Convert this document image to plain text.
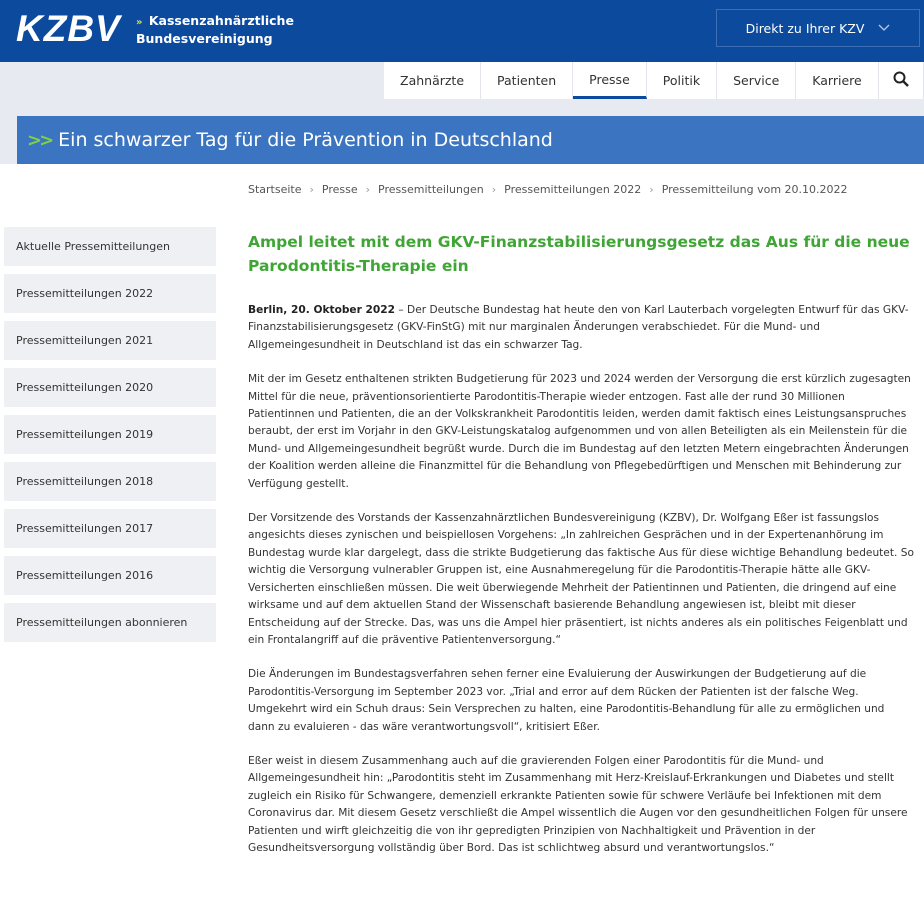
KZBV » Kassenzahnärztliche
Bundesvereinigung
Direkt zu Ihrer KZV
Zahnärzte	Patienten	Presse	Politik	Service	Karriere
>> Ein schwarzer Tag für die Prävention in Deutschland
Startseite › Presse › Pressemitteilungen › Pressemitteilungen 2022 › Pressemitteilung vom 20.10.2022
Aktuelle Pressemitteilungen
Pressemitteilungen 2022
Pressemitteilungen 2021
Pressemitteilungen 2020
Pressemitteilungen 2019
Pressemitteilungen 2018
Pressemitteilungen 2017
Pressemitteilungen 2016
Pressemitteilungen abonnieren
Ampel leitet mit dem GKV-Finanzstabilisierungsgesetz das Aus für die neue Parodontitis-Therapie ein

Berlin, 20. Oktober 2022 – Der Deutsche Bundestag hat heute den von Karl Lauterbach vorgelegten Entwurf für das GKV-Finanzstabilisierungsgesetz (GKV-FinStG) mit nur marginalen Änderungen verabschiedet. Für die Mund- und Allgemeingesundheit in Deutschland ist das ein schwarzer Tag.

Mit der im Gesetz enthaltenen strikten Budgetierung für 2023 und 2024 werden der Versorgung die erst kürzlich zugesagten Mittel für die neue, präventionsorientierte Parodontitis-Therapie wieder entzogen. Fast alle der rund 30 Millionen Patientinnen und Patienten, die an der Volkskrankheit Parodontitis leiden, werden damit faktisch eines Leistungsanspruches beraubt, der erst im Vorjahr in den GKV-Leistungskatalog aufgenommen und von allen Beteiligten als ein Meilenstein für die Mund- und Allgemeingesundheit begrüßt wurde. Durch die im Bundestag auf den letzten Metern eingebrachten Änderungen der Koalition werden alleine die Finanzmittel für die Behandlung von Pflegebedürftigen und Menschen mit Behinderung zur Verfügung gestellt.

Der Vorsitzende des Vorstands der Kassenzahnärztlichen Bundesvereinigung (KZBV), Dr. Wolfgang Eßer ist fassungslos angesichts dieses zynischen und beispiellosen Vorgehens: „In zahlreichen Gesprächen und in der Expertenanhörung im Bundestag wurde klar dargelegt, dass die strikte Budgetierung das faktische Aus für diese wichtige Behandlung bedeutet. So wichtig die Versorgung vulnerabler Gruppen ist, eine Ausnahmeregelung für die Parodontitis-Therapie hätte alle GKV-Versicherten einschließen müssen. Die weit überwiegende Mehrheit der Patientinnen und Patienten, die dringend auf eine wirksame und auf dem aktuellen Stand der Wissenschaft basierende Behandlung angewiesen ist, bleibt mit dieser Entscheidung auf der Strecke. Das, was uns die Ampel hier präsentiert, ist nichts anderes als ein politisches Feigenblatt und ein Frontalangriff auf die präventive Patientenversorgung.“

Die Änderungen im Bundestagsverfahren sehen ferner eine Evaluierung der Auswirkungen der Budgetierung auf die Parodontitis-Versorgung im September 2023 vor. „Trial and error auf dem Rücken der Patienten ist der falsche Weg. Umgekehrt wird ein Schuh draus: Sein Versprechen zu halten, eine Parodontitis-Behandlung für alle zu ermöglichen und dann zu evaluieren - das wäre verantwortungsvoll“, kritisiert Eßer.

Eßer weist in diesem Zusammenhang auch auf die gravierenden Folgen einer Parodontitis für die Mund- und Allgemeingesundheit hin: „Parodontitis steht im Zusammenhang mit Herz-Kreislauf-Erkrankungen und Diabetes und stellt zugleich ein Risiko für Schwangere, demenziell erkrankte Patienten sowie für schwere Verläufe bei Infektionen mit dem Coronavirus dar. Mit diesem Gesetz verschließt die Ampel wissentlich die Augen vor den gesundheitlichen Folgen für unsere Patienten und wirft gleichzeitig die von ihr gepredigten Prinzipien von Nachhaltigkeit und Prävention in der Gesundheitsversorgung vollständig über Bord. Das ist schlichtweg absurd und verantwortungslos.“
